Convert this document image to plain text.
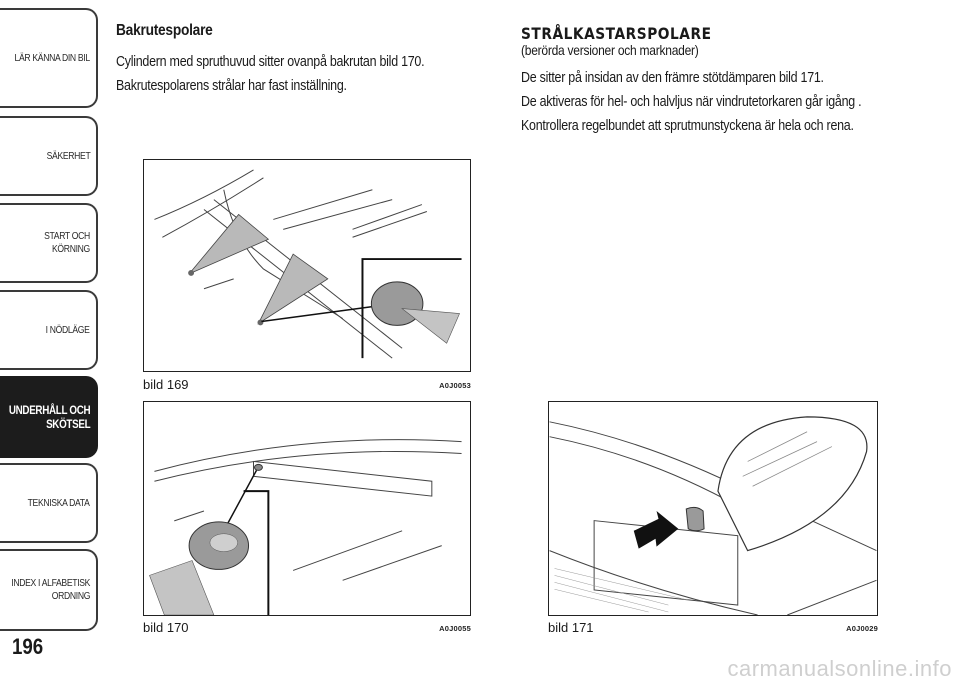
LÄR KÄNNA DIN BIL
SÄKERHET
START OCH
KÖRNING
I NÖDLÄGE
UNDERHÅLL OCH
SKÖTSEL
TEKNISKA DATA
INDEX I ALFABETISK
ORDNING
196
Bakrutespolare

Cylindern med spruthuvud sitter ovanpå bakrutan bild 170.

Bakrutespolarens strålar har fast inställning.

STRÅLKASTARSPOLARE
(berörda versioner och marknader)

De sitter på insidan av den främre stötdämparen bild 171.

De aktiveras för hel- och halvljus när vindrutetorkaren går igång .

Kontrollera regelbundet att sprutmunstyckena är hela och rena.

bild 169	A0J0053
bild 170	A0J0055	bild 171	A0J0029
carmanualsonline.info
